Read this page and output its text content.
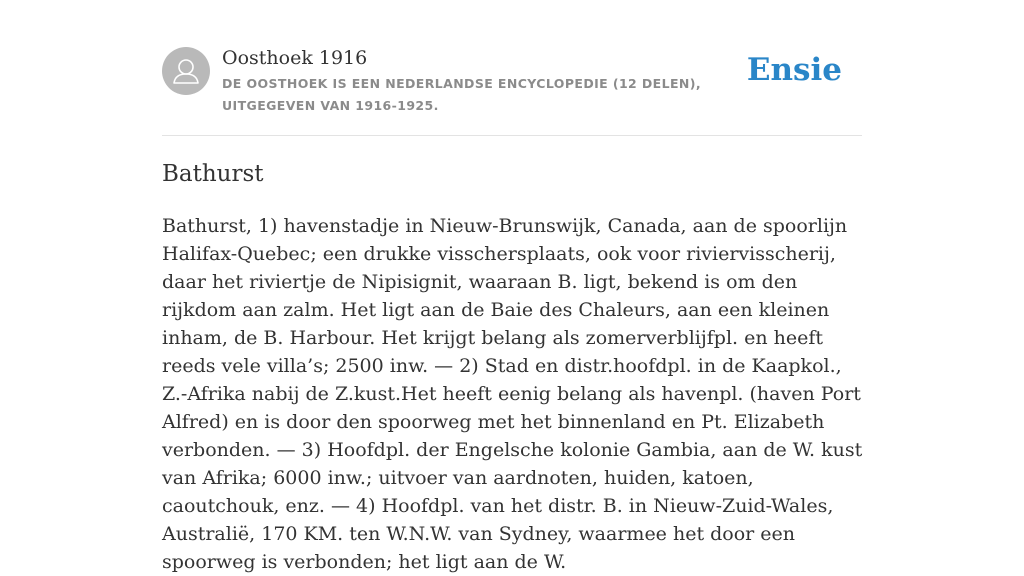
Oosthoek 1916
DE OOSTHOEK IS EEN NEDERLANDSE ENCYCLOPEDIE (12 DELEN), UITGEGEVEN VAN 1916-1925.
Ensie
Bathurst

Bathurst, 1) havenstadje in Nieuw-Brunswijk, Canada, aan de spoorlijn Halifax-Quebec; een drukke visschersplaats, ook voor riviervisscherij, daar het riviertje de Nipisignit, waaraan B. ligt, bekend is om den rijkdom aan zalm. Het ligt aan de Baie des Chaleurs, aan een kleinen inham, de B. Harbour. Het krijgt belang als zomerverblijfpl. en heeft reeds vele villa’s; 2500 inw. — 2) Stad en distr.hoofdpl. in de Kaapkol., Z.-Afrika nabij de Z.kust.Het heeft eenig belang als havenpl. (haven Port Alfred) en is door den spoorweg met het binnenland en Pt. Elizabeth verbonden. — 3) Hoofdpl. der Engelsche kolonie Gambia, aan de W. kust van Afrika; 6000 inw.; uitvoer van aardnoten, huiden, katoen, caoutchouk, enz. — 4) Hoofdpl. van het distr. B. in Nieuw-Zuid-Wales, Australië, 170 KM. ten W.N.W. van Sydney, waarmee het door een spoorweg is verbonden; het ligt aan de W.
